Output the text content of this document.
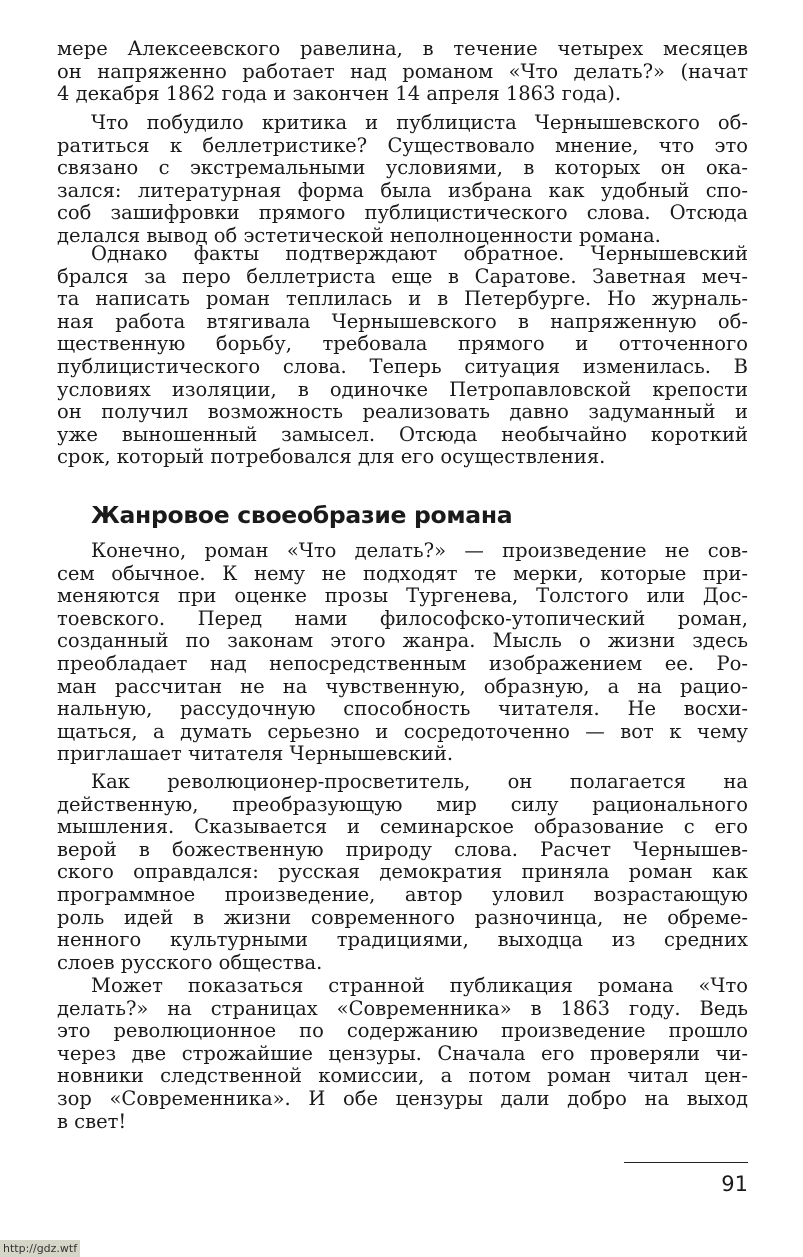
мере Алексеевского равелина, в течение четырех месяцев
он напряженно работает над романом «Что делать?» (начат
4 декабря 1862 года и закончен 14 апреля 1863 года).
Что побудило критика и публициста Чернышевского об-
ратиться к беллетристике? Существовало мнение, что это
связано с экстремальными условиями, в которых он ока-
зался: литературная форма была избрана как удобный спо-
соб зашифровки прямого публицистического слова. Отсюда
делался вывод об эстетической неполноценности романа.
Однако факты подтверждают обратное. Чернышевский
брался за перо беллетриста еще в Саратове. Заветная меч-
та написать роман теплилась и в Петербурге. Но журналь-
ная работа втягивала Чернышевского в напряженную об-
щественную борьбу, требовала прямого и отточенного
публицистического слова. Теперь ситуация изменилась. В
условиях изоляции, в одиночке Петропавловской крепости
он получил возможность реализовать давно задуманный и
уже выношенный замысел. Отсюда необычайно короткий
срок, который потребовался для его осуществления.
Жанровое своеобразие романа
Конечно, роман «Что делать?» — произведение не сов-
сем обычное. К нему не подходят те мерки, которые при-
меняются при оценке прозы Тургенева, Толстого или Дос-
тоевского. Перед нами философско-утопический роман,
созданный по законам этого жанра. Мысль о жизни здесь
преобладает над непосредственным изображением ее. Ро-
ман рассчитан не на чувственную, образную, а на рацио-
нальную, рассудочную способность читателя. Не восхи-
щаться, а думать серьезно и сосредоточенно — вот к чему
приглашает читателя Чернышевский.
Как революционер-просветитель, он полагается на
действенную, преобразующую мир силу рационального
мышления. Сказывается и семинарское образование с его
верой в божественную природу слова. Расчет Чернышев-
ского оправдался: русская демократия приняла роман как
программное произведение, автор уловил возрастающую
роль идей в жизни современного разночинца, не обреме-
ненного культурными традициями, выходца из средних
слоев русского общества.
Может показаться странной публикация романа «Что
делать?» на страницах «Современника» в 1863 году. Ведь
это революционное по содержанию произведение прошло
через две строжайшие цензуры. Сначала его проверяли чи-
новники следственной комиссии, а потом роман читал цен-
зор «Современника». И обе цензуры дали добро на выход
в свет!
91
http://gdz.wtf
